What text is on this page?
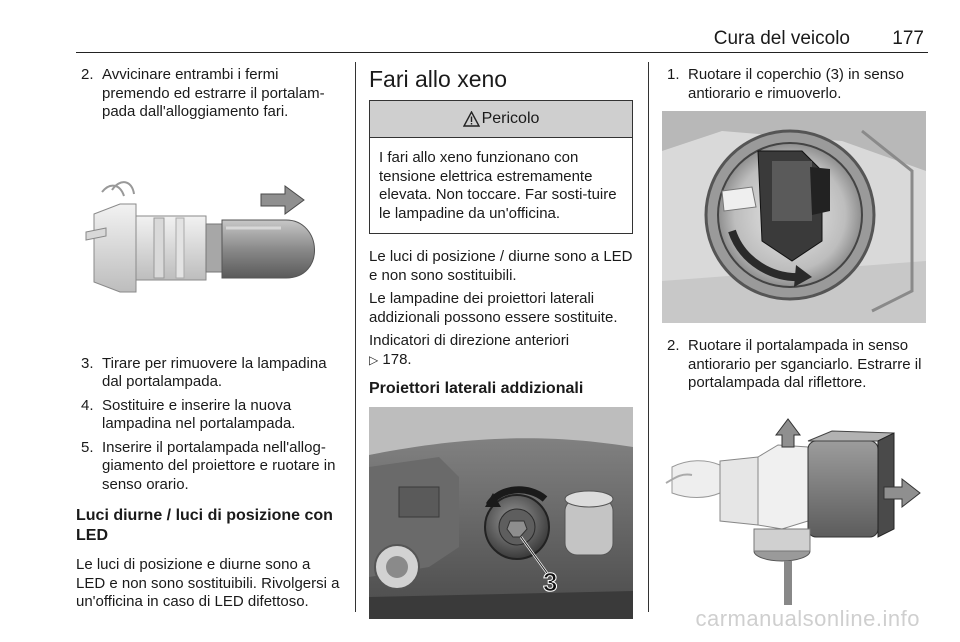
Cura del veicolo 177
2. Avvicinare entrambi i fermi premendo ed estrarre il portalam-pada dall'alloggiamento fari.
3. Tirare per rimuovere la lampadina dal portalampada.
4. Sostituire e inserire la nuova lampadina nel portalampada.
5. Inserire il portalampada nell'allog-giamento del proiettore e ruotare in senso orario.
Luci diurne / luci di posizione con LED

Le luci di posizione e diurne sono a LED e non sono sostituibili. Rivolgersi a un'officina in caso di LED difettoso.

Fari allo xeno
Pericolo
I fari allo xeno funzionano con tensione elettrica estremamente elevata. Non toccare. Far sosti-tuire le lampadine da un'officina.

Le luci di posizione / diurne sono a LED e non sono sostituibili.

Le lampadine dei proiettori laterali addizionali possono essere sostituite.

Indicatori di direzione anteriori
▷ 178.

Proiettori laterali addizionali
3
1. Ruotare il coperchio (3) in senso antiorario e rimuoverlo.
2. Ruotare il portalampada in senso antiorario per sganciarlo. Estrarre il portalampada dal riflettore.
carmanualsonline.info
